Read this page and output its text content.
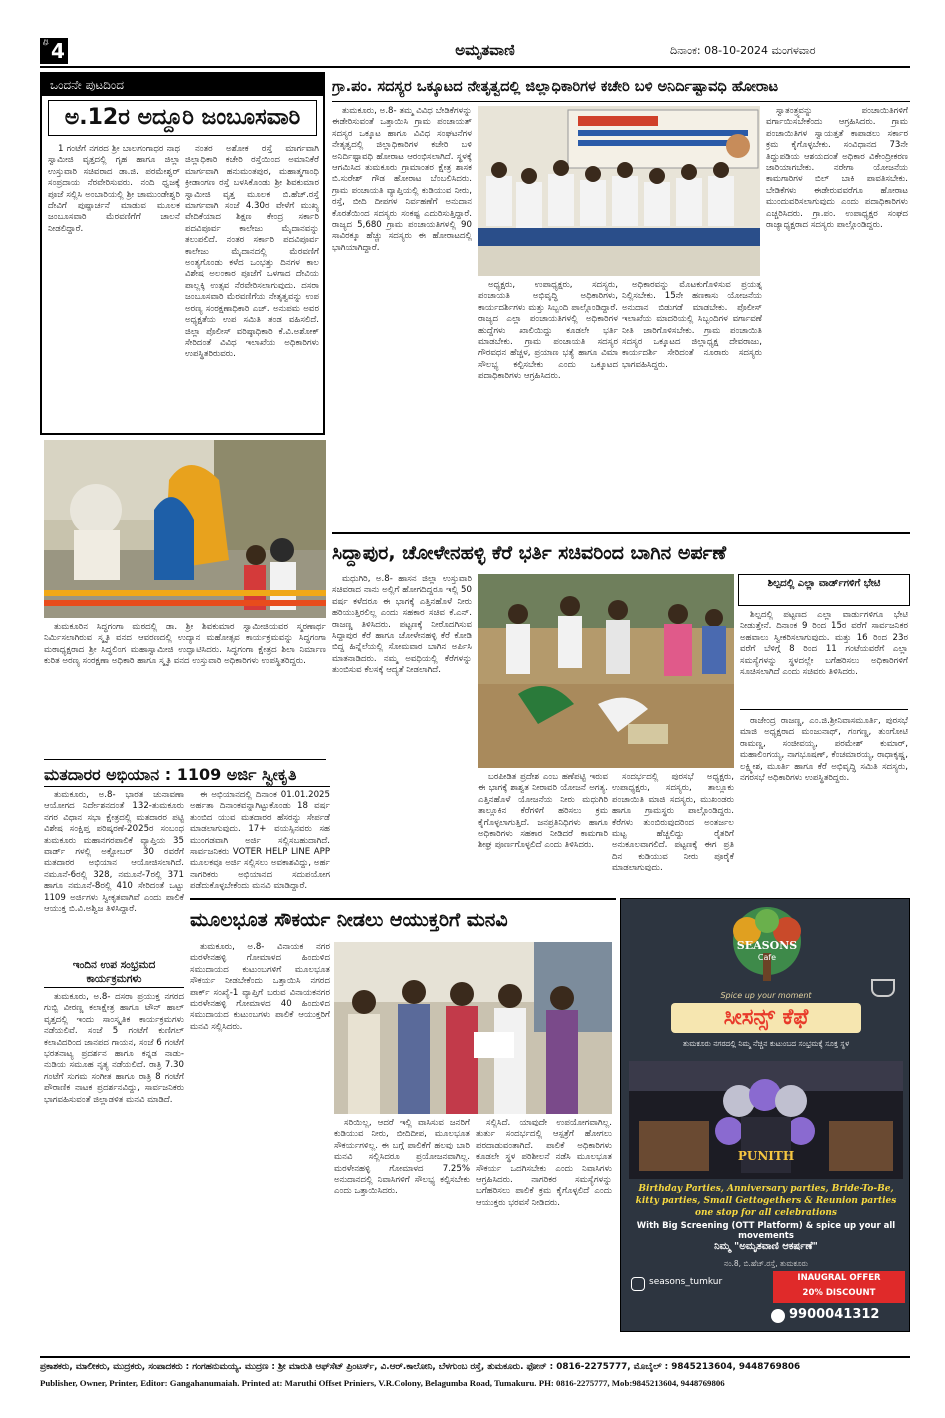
ಪು 4	ಅಮೃತವಾಣಿ	ದಿನಾಂಕ: 08-10-2024 ಮಂಗಳವಾರ
ಒಂದನೇ ಪುಟದಿಂದ
ಅ.12ರ ಅದ್ದೂರಿ ಜಂಬೂಸವಾರಿ

1 ಗಂಟೆಗೆ ನಗರದ ಶ್ರೀ ಬಾಲಗಂಗಾಧರ ನಾಥ ಸ್ವಾಮೀಜಿ ವೃತ್ತದಲ್ಲಿ ಗೃಹ ಹಾಗೂ ಜಿಲ್ಲಾ ಉಸ್ತುವಾರಿ ಸಚಿವರಾದ ಡಾ.ಜಿ. ಪರಮೇಶ್ವರ್ ಸಂಪ್ರದಾಯ ನೆರವೇರಿಸುವರು. ನಂದಿ ಧ್ವಜಕ್ಕೆ ಪೂಜೆ ಸಲ್ಲಿಸಿ ಅಂಬಾರಿಯಲ್ಲಿ ಶ್ರೀ ಚಾಮುಂಡೇಶ್ವರಿ ದೇವಿಗೆ ಪುಷ್ಪಾರ್ಚನೆ ಮಾಡುವ ಮೂಲಕ ಜಂಬೂಸವಾರಿ ಮೆರವಣಿಗೆಗೆ ಚಾಲನೆ ನೀಡಲಿದ್ದಾರೆ.

ನಂತರ ಅಶೋಕ ರಸ್ತೆ ಮಾರ್ಗವಾಗಿ ಜಿಲ್ಲಾಧಿಕಾರಿ ಕಚೇರಿ ರಸ್ತೆಯಿಂದ ಅಮಾನಿಕೆರೆ ಮಾರ್ಗವಾಗಿ ಹನುಮಂತಪುರ, ಮಹಾತ್ಮಗಾಂಧಿ ಕ್ರೀಡಾಂಗಣ ರಸ್ತೆ ಬಳಸಿಕೊಂಡು ಶ್ರೀ ಶಿವಕುಮಾರ ಸ್ವಾಮೀಜಿ ವೃತ್ತ ಮೂಲಕ ಬಿ.ಹೆಚ್.ರಸ್ತೆ ಮಾರ್ಗವಾಗಿ ಸಂಜೆ 4.30ರ ವೇಳೆಗೆ ಮುಖ್ಯ ವೇದಿಕೆಯಾದ ಶಿಕ್ಷಣ ಕೇಂದ್ರ ಸರ್ಕಾರಿ ಪದವಿಪೂರ್ವ ಕಾಲೇಜು ಮೈದಾನವನ್ನು ತಲುಪಲಿದೆ. ನಂತರ ಸರ್ಕಾರಿ ಪದವಿಪೂರ್ವ ಕಾಲೇಜು ಮೈದಾನದಲ್ಲಿ ಮೆರವಣಿಗೆ ಅಂತ್ಯಗೊಂಡು ಕಳೆದ ಒಂಭತ್ತು ದಿನಗಳ ಕಾಲ ವಿಶೇಷ ಅಲಂಕಾರ ಪೂಜೆಗೆ ಒಳಗಾದ ದೇವಿಯ ಪಾಲ್ಲಕ್ಕಿ ಉತ್ಸವ ನೆರವೇರಿಸಲಾಗುವುದು. ದಸರಾ ಜಂಬೂಸವಾರಿ ಮೆರವಣಿಗೆಯ ನೇತೃತ್ವವನ್ನು ಉಪ ಅರಣ್ಯ ಸಂರಕ್ಷಣಾಧಿಕಾರಿ ಎಚ್. ಅನುಪಮ ಅವರ ಅಧ್ಯಕ್ಷತೆಯ ಉಪ ಸಮಿತಿ ತಂಡ ವಹಿಸಲಿದೆ. ಜಿಲ್ಲಾ ಪೊಲೀಸ್ ವರಿಷ್ಠಾಧಿಕಾರಿ ಕೆ.ವಿ.ಅಶೋಕ್ ಸೇರಿದಂತೆ ವಿವಿಧ ಇಲಾಖೆಯ ಅಧಿಕಾರಿಗಳು ಉಪಸ್ಥಿತರಿರುವರು.

ತುಮಕೂರಿನ ಸಿದ್ಧಗಂಗಾ ಮಠದಲ್ಲಿ ಡಾ. ಶ್ರೀ ಶಿವಕುಮಾರ ಸ್ವಾಮೀಜಿಯವರ ಸ್ಮರಣಾರ್ಥ ನಿರ್ಮಿಸಲಾಗಿರುವ ಸ್ಮೃತಿ ವನದ ಆವರಣದಲ್ಲಿ ಉದ್ಯಾನ ಮಹೋತ್ಸವ ಕಾರ್ಯಕ್ರಮವನ್ನು ಸಿದ್ಧಗಂಗಾ ಮಠಾಧ್ಯಕ್ಷರಾದ ಶ್ರೀ ಸಿದ್ಧಲಿಂಗ ಮಹಾಸ್ವಾಮೀಜಿ ಉದ್ಘಾಟಿಸಿದರು. ಸಿದ್ಧಗಂಗಾ ಕ್ಷೇತ್ರದ ಶಿಲಾ ನಿರ್ಮಾಣ ಕುರಿತ ಅರಣ್ಯ ಸಂರಕ್ಷಣಾ ಅಧಿಕಾರಿ ಹಾಗೂ ಸ್ಮೃತಿ ವನದ ಉಸ್ತುವಾರಿ ಅಧಿಕಾರಿಗಳು ಉಪಸ್ಥಿತರಿದ್ದರು.

ಮತದಾರರ ಅಭಿಯಾನ : 1109 ಅರ್ಜಿ ಸ್ವೀಕೃತಿ

ತುಮಕೂರು, ಅ.8- ಭಾರತ ಚುನಾವಣಾ ಆಯೋಗದ ನಿರ್ದೇಶನದಂತೆ 132-ತುಮಕೂರು ನಗರ ವಿಧಾನ ಸಭಾ ಕ್ಷೇತ್ರದಲ್ಲಿ ಮತದಾರರ ಪಟ್ಟಿ ವಿಶೇಷ ಸಂಕ್ಷಿಪ್ತ ಪರಿಷ್ಕರಣೆ-2025ರ ಸಂಬಂಧ ತುಮಕೂರು ಮಹಾನಗರಪಾಲಿಕೆ ವ್ಯಾಪ್ತಿಯ 35 ವಾರ್ಡ್ ಗಳಲ್ಲಿ ಅಕ್ಟೋಬರ್ 30 ರವರೆಗೆ ಮತದಾರರ ಅಭಿಯಾನ ಆಯೋಜಿಸಲಾಗಿದೆ. ನಮೂನೆ-6ರಲ್ಲಿ 328, ನಮೂನೆ-7ರಲ್ಲಿ 371 ಹಾಗೂ ನಮೂನೆ-8ರಲ್ಲಿ 410 ಸೇರಿದಂತೆ ಒಟ್ಟು 1109 ಅರ್ಜಿಗಳು ಸ್ವೀಕೃತವಾಗಿವೆ ಎಂದು ಪಾಲಿಕೆ ಆಯುಕ್ತ ಬಿ.ವಿ.ಅಶ್ವಿಜ ತಿಳಿಸಿದ್ದಾರೆ.

ಈ ಅಭಿಯಾನದಲ್ಲಿ ದಿನಾಂಕ 01.01.2025 ಅರ್ಹತಾ ದಿನಾಂಕವನ್ನಾಗಿಟ್ಟುಕೊಂಡು 18 ವರ್ಷ ತುಂಬಿದ ಯುವ ಮತದಾರರ ಹೆಸರನ್ನು ಸೇರ್ಪಡೆ ಮಾಡಲಾಗುವುದು. 17+ ವಯಸ್ಸಿನವರು ಸಹ ಮುಂಗಡವಾಗಿ ಅರ್ಜಿ ಸಲ್ಲಿಸಬಹುದಾಗಿದೆ. ಸಾರ್ವಜನಿಕರು VOTER HELP LINE APP ಮೂಲಕವೂ ಅರ್ಜಿ ಸಲ್ಲಿಸಲು ಅವಕಾಶವಿದ್ದು, ಅರ್ಹ ನಾಗರಿಕರು ಅಭಿಯಾನದ ಸದುಪಯೋಗ ಪಡೆದುಕೊಳ್ಳಬೇಕೆಂದು ಮನವಿ ಮಾಡಿದ್ದಾರೆ.

ಇಂದಿನ ಉಪ ಸಂಭ್ರಮದ ಕಾರ್ಯಕ್ರಮಗಳು

ತುಮಕೂರು, ಅ.8- ದಸರಾ ಪ್ರಯುಕ್ತ ನಗರದ ಗುಬ್ಬಿ ವೀರಣ್ಣ ಕಲಾಕ್ಷೇತ್ರ ಹಾಗೂ ಟೌನ್ ಹಾಲ್ ವೃತ್ತದಲ್ಲಿ ಇಂದು ಸಾಂಸ್ಕೃತಿಕ ಕಾರ್ಯಕ್ರಮಗಳು ನಡೆಯಲಿವೆ. ಸಂಜೆ 5 ಗಂಟೆಗೆ ಕುಣಿಗಲ್ ಕಲಾವಿದರಿಂದ ಜಾನಪದ ಗಾಯನ, ಸಂಜೆ 6 ಗಂಟೆಗೆ ಭರತನಾಟ್ಯ ಪ್ರದರ್ಶನ ಹಾಗೂ ಕನ್ನಡ ನಾಡು-ನುಡಿಯ ಸಮೂಹ ನೃತ್ಯ ನಡೆಯಲಿದೆ. ರಾತ್ರಿ 7.30 ಗಂಟೆಗೆ ಸುಗಮ ಸಂಗೀತ ಹಾಗೂ ರಾತ್ರಿ 8 ಗಂಟೆಗೆ ಪೌರಾಣಿಕ ನಾಟಕ ಪ್ರದರ್ಶನವಿದ್ದು, ಸಾರ್ವಜನಿಕರು ಭಾಗವಹಿಸುವಂತೆ ಜಿಲ್ಲಾಡಳಿತ ಮನವಿ ಮಾಡಿದೆ.

ಗ್ರಾ.ಪಂ. ಸದಸ್ಯರ ಒಕ್ಕೂಟದ ನೇತೃತ್ವದಲ್ಲಿ ಜಿಲ್ಲಾಧಿಕಾರಿಗಳ ಕಚೇರಿ ಬಳಿ ಅನಿರ್ದಿಷ್ಟಾವಧಿ ಹೋರಾಟ

ತುಮಕೂರು, ಅ.8- ತಮ್ಮ ವಿವಿಧ ಬೇಡಿಕೆಗಳನ್ನು ಈಡೇರಿಸುವಂತೆ ಒತ್ತಾಯಿಸಿ ಗ್ರಾಮ ಪಂಚಾಯತ್ ಸದಸ್ಯರ ಒಕ್ಕೂಟ ಹಾಗೂ ವಿವಿಧ ಸಂಘಟನೆಗಳ ನೇತೃತ್ವದಲ್ಲಿ ಜಿಲ್ಲಾಧಿಕಾರಿಗಳ ಕಚೇರಿ ಬಳಿ ಅನಿರ್ದಿಷ್ಟಾವಧಿ ಹೋರಾಟ ಆರಂಭಿಸಲಾಗಿದೆ. ಸ್ಥಳಕ್ಕೆ ಆಗಮಿಸಿದ ತುಮಕೂರು ಗ್ರಾಮಾಂತರ ಕ್ಷೇತ್ರ ಶಾಸಕ ಬಿ.ಸುರೇಶ್ ಗೌಡ ಹೋರಾಟ ಬೆಂಬಲಿಸಿದರು. ಗ್ರಾಮ ಪಂಚಾಯತಿ ವ್ಯಾಪ್ತಿಯಲ್ಲಿ ಕುಡಿಯುವ ನೀರು, ರಸ್ತೆ, ಬೀದಿ ದೀಪಗಳ ನಿರ್ವಹಣೆಗೆ ಅನುದಾನ ಕೊರತೆಯಿಂದ ಸದಸ್ಯರು ಸಂಕಷ್ಟ ಎದುರಿಸುತ್ತಿದ್ದಾರೆ. ರಾಜ್ಯದ 5,680 ಗ್ರಾಮ ಪಂಚಾಯತಿಗಳಲ್ಲಿ 90 ಸಾವಿರಕ್ಕೂ ಹೆಚ್ಚು ಸದಸ್ಯರು ಈ ಹೋರಾಟದಲ್ಲಿ ಭಾಗಿಯಾಗಿದ್ದಾರೆ.

ಅಧ್ಯಕ್ಷರು, ಉಪಾಧ್ಯಕ್ಷರು, ಸದಸ್ಯರು, ಪಂಚಾಯತಿ ಅಭಿವೃದ್ಧಿ ಅಧಿಕಾರಿಗಳು, ಕಾರ್ಯದರ್ಶಿಗಳು ಮತ್ತು ಸಿಬ್ಬಂದಿ ಪಾಲ್ಗೊಂಡಿದ್ದಾರೆ. ರಾಜ್ಯದ ಎಲ್ಲಾ ಪಂಚಾಯತಿಗಳಲ್ಲಿ ಅಧಿಕಾರಿಗಳ ಹುದ್ದೆಗಳು ಖಾಲಿಯಿದ್ದು ಕೂಡಲೇ ಭರ್ತಿ ಮಾಡಬೇಕು. ಗ್ರಾಮ ಪಂಚಾಯತಿ ಸದಸ್ಯರ ಗೌರವಧನ ಹೆಚ್ಚಳ, ಪ್ರಯಾಣ ಭತ್ಯೆ ಹಾಗೂ ವಿಮಾ ಸೌಲಭ್ಯ ಕಲ್ಪಿಸಬೇಕು ಎಂದು ಒಕ್ಕೂಟದ ಪದಾಧಿಕಾರಿಗಳು ಆಗ್ರಹಿಸಿದರು.

ಅಧಿಕಾರವನ್ನು ಮೊಟಕುಗೊಳಿಸುವ ಪ್ರಯತ್ನ ನಿಲ್ಲಿಸಬೇಕು. 15ನೇ ಹಣಕಾಸು ಯೋಜನೆಯ ಅನುದಾನ ಬಿಡುಗಡೆ ಮಾಡಬೇಕು. ಪೊಲೀಸ್ ಇಲಾಖೆಯ ಮಾದರಿಯಲ್ಲಿ ಸಿಬ್ಬಂದಿಗಳ ವರ್ಗಾವಣೆ ನೀತಿ ಜಾರಿಗೊಳಿಸಬೇಕು. ಗ್ರಾಮ ಪಂಚಾಯಿತಿ ಸದಸ್ಯರ ಒಕ್ಕೂಟದ ಜಿಲ್ಲಾಧ್ಯಕ್ಷ ದೇವರಾಜು, ಕಾರ್ಯದರ್ಶಿ ಸೇರಿದಂತೆ ನೂರಾರು ಸದಸ್ಯರು ಭಾಗವಹಿಸಿದ್ದರು.

ಸ್ವಾತಂತ್ರ್ಯವನ್ನು ಪಂಚಾಯಿತಿಗಳಿಗೆ ವರ್ಗಾಯಿಸಬೇಕೆಂದು ಆಗ್ರಹಿಸಿದರು. ಗ್ರಾಮ ಪಂಚಾಯಿತಿಗಳ ಸ್ವಾಯತ್ತತೆ ಕಾಪಾಡಲು ಸರ್ಕಾರ ಕ್ರಮ ಕೈಗೊಳ್ಳಬೇಕು. ಸಂವಿಧಾನದ 73ನೇ ತಿದ್ದುಪಡಿಯ ಆಶಯದಂತೆ ಅಧಿಕಾರ ವಿಕೇಂದ್ರೀಕರಣ ಜಾರಿಯಾಗಬೇಕು. ನರೇಗಾ ಯೋಜನೆಯ ಕಾಮಗಾರಿಗಳ ಬಿಲ್ ಬಾಕಿ ಪಾವತಿಸಬೇಕು. ಬೇಡಿಕೆಗಳು ಈಡೇರುವವರೆಗೂ ಹೋರಾಟ ಮುಂದುವರಿಸಲಾಗುವುದು ಎಂದು ಪದಾಧಿಕಾರಿಗಳು ಎಚ್ಚರಿಸಿದರು. ಗ್ರಾ.ಪಂ. ಉಪಾಧ್ಯಕ್ಷರ ಸಂಘದ ರಾಜ್ಯಾಧ್ಯಕ್ಷರಾದ ಸದಸ್ಯರು ಪಾಲ್ಗೊಂಡಿದ್ದರು.

ಸಿದ್ದಾಪುರ, ಚೋಳೇನಹಳ್ಳಿ ಕೆರೆ ಭರ್ತಿ ಸಚಿವರಿಂದ ಬಾಗಿನ ಅರ್ಪಣೆ

ಮಧುಗಿರಿ, ಅ.8- ಹಾಸನ ಜಿಲ್ಲಾ ಉಸ್ತುವಾರಿ ಸಚಿವರಾದ ನಾನು ಅಲ್ಲಿಗೆ ಹೋಗದಿದ್ದರೂ ಇಲ್ಲಿ 50 ವರ್ಷ ಕಳೆದರೂ ಈ ಭಾಗಕ್ಕೆ ಎತ್ತಿನಹೊಳೆ ನೀರು ಹರಿಯುತ್ತಿರಲಿಲ್ಲ ಎಂದು ಸಹಕಾರ ಸಚಿವ ಕೆ.ಎನ್. ರಾಜಣ್ಣ ತಿಳಿಸಿದರು. ಪಟ್ಟಣಕ್ಕೆ ನೀರೊದಗಿಸುವ ಸಿದ್ದಾಪುರ ಕೆರೆ ಹಾಗೂ ಚೋಳೇನಹಳ್ಳಿ ಕೆರೆ ಕೋಡಿ ಬಿದ್ದ ಹಿನ್ನೆಲೆಯಲ್ಲಿ ಸೋಮವಾರ ಬಾಗಿನ ಅರ್ಪಿಸಿ ಮಾತನಾಡಿದರು. ನಮ್ಮ ಅವಧಿಯಲ್ಲಿ ಕೆರೆಗಳನ್ನು ತುಂಬಿಸುವ ಕೆಲಸಕ್ಕೆ ಆದ್ಯತೆ ನೀಡಲಾಗಿದೆ.

ಬರಪೀಡಿತ ಪ್ರದೇಶ ಎಂಬ ಹಣೆಪಟ್ಟಿ ಇರುವ ಈ ಭಾಗಕ್ಕೆ ಶಾಶ್ವತ ನೀರಾವರಿ ಯೋಜನೆ ಅಗತ್ಯ. ಎತ್ತಿನಹೊಳೆ ಯೋಜನೆಯ ನೀರು ಮಧುಗಿರಿ ತಾಲ್ಲೂಕಿನ ಕೆರೆಗಳಿಗೆ ಹರಿಸಲು ಕ್ರಮ ಕೈಗೊಳ್ಳಲಾಗುತ್ತಿದೆ. ಜನಪ್ರತಿನಿಧಿಗಳು ಹಾಗೂ ಅಧಿಕಾರಿಗಳು ಸಹಕಾರ ನೀಡಿದರೆ ಕಾಮಗಾರಿ ಶೀಘ್ರ ಪೂರ್ಣಗೊಳ್ಳಲಿದೆ ಎಂದು ತಿಳಿಸಿದರು.

ಸಂದರ್ಭದಲ್ಲಿ ಪುರಸಭೆ ಅಧ್ಯಕ್ಷರು, ಉಪಾಧ್ಯಕ್ಷರು, ಸದಸ್ಯರು, ತಾಲ್ಲೂಕು ಪಂಚಾಯಿತಿ ಮಾಜಿ ಸದಸ್ಯರು, ಮುಖಂಡರು ಹಾಗೂ ಗ್ರಾಮಸ್ಥರು ಪಾಲ್ಗೊಂಡಿದ್ದರು. ಕೆರೆಗಳು ತುಂಬಿರುವುದರಿಂದ ಅಂತರ್ಜಲ ಮಟ್ಟ ಹೆಚ್ಚಲಿದ್ದು ರೈತರಿಗೆ ಅನುಕೂಲವಾಗಲಿದೆ. ಪಟ್ಟಣಕ್ಕೆ ಈಗ ಪ್ರತಿ ದಿನ ಕುಡಿಯುವ ನೀರು ಪೂರೈಕೆ ಮಾಡಲಾಗುವುದು.

ಶಿಲ್ಪದಲ್ಲಿ ಎಲ್ಲಾ ವಾರ್ಡ್‌ಗಳಿಗೆ ಭೇಟಿ

ಶಿಲ್ಪದಲ್ಲಿ ಪಟ್ಟಣದ ಎಲ್ಲಾ ವಾರ್ಡುಗಳಿಗೂ ಭೇಟಿ ನೀಡುತ್ತೇನೆ. ದಿನಾಂಕ 9 ರಿಂದ 15ರ ವರೆಗೆ ಸಾರ್ವಜನಿಕರ ಅಹವಾಲು ಸ್ವೀಕರಿಸಲಾಗುವುದು. ಮತ್ತು 16 ರಿಂದ 23ರ ವರೆಗೆ ಬೆಳಿಗ್ಗೆ 8 ರಿಂದ 11 ಗಂಟೆಯವರೆಗೆ ಎಲ್ಲಾ ಸಮಸ್ಯೆಗಳನ್ನು ಸ್ಥಳದಲ್ಲೇ ಬಗೆಹರಿಸಲು ಅಧಿಕಾರಿಗಳಿಗೆ ಸೂಚಿಸಲಾಗಿದೆ ಎಂದು ಸಚಿವರು ತಿಳಿಸಿದರು.

ರಾಜೇಂದ್ರ ರಾಜಣ್ಣ, ಎಂ.ಜಿ.ಶ್ರೀನಿವಾಸಮೂರ್ತಿ, ಪುರಸಭೆ ಮಾಜಿ ಅಧ್ಯಕ್ಷರಾದ ಮಂಜುನಾಥ್, ಗಂಗಣ್ಣ, ತುಂಗೋಟಿ ರಾಮಣ್ಣ, ಸಂಜೀವಯ್ಯ, ಪರಮೇಶ್ ಕುಮಾರ್, ಮಹಾಲಿಂಗಯ್ಯ, ನಾಗಭೂಷಣ್, ಕೆಂಚಮಾರಯ್ಯ, ರಾಧಾಕೃಷ್ಣ, ಲಕ್ಷ್ಮೀಶ, ಮೂರ್ತಿ ಹಾಗೂ ಕೆರೆ ಅಭಿವೃದ್ಧಿ ಸಮಿತಿ ಸದಸ್ಯರು, ನಗರಸಭೆ ಅಧಿಕಾರಿಗಳು ಉಪಸ್ಥಿತರಿದ್ದರು.

ಮೂಲಭೂತ ಸೌಕರ್ಯ ನೀಡಲು ಆಯುಕ್ತರಿಗೆ ಮನವಿ

ತುಮಕೂರು, ಅ.8- ವಿನಾಯಕ ನಗರ ಮರಳೇನಹಳ್ಳಿ ಗೋಮಾಳದ ಹಿಂದುಳಿದ ಸಮುದಾಯದ ಕುಟುಂಬಗಳಿಗೆ ಮೂಲಭೂತ ಸೌಕರ್ಯ ನೀಡಬೇಕೆಂದು ಒತ್ತಾಯಿಸಿ ನಗರದ ಪಾರ್ಕ್ ಸಂಖ್ಯೆ-1 ವ್ಯಾಪ್ತಿಗೆ ಬರುವ ವಿನಾಯಕನಗರ ಮರಳೇನಹಳ್ಳಿ ಗೋಮಾಳದ 40 ಹಿಂದುಳಿದ ಸಮುದಾಯದ ಕುಟುಂಬಗಳು ಪಾಲಿಕೆ ಆಯುಕ್ತರಿಗೆ ಮನವಿ ಸಲ್ಲಿಸಿದರು.

ಸರಿಯಿಲ್ಲ, ಆದರೆ ಇಲ್ಲಿ ವಾಸಿಸುವ ಜನರಿಗೆ ಕುಡಿಯುವ ನೀರು, ಬೀದಿದೀಪ, ಮೂಲಭೂತ ಸೌಕರ್ಯಗಳಿಲ್ಲ. ಈ ಬಗ್ಗೆ ಪಾಲಿಕೆಗೆ ಹಲವು ಬಾರಿ ಮನವಿ ಸಲ್ಲಿಸಿದರೂ ಪ್ರಯೋಜನವಾಗಿಲ್ಲ. ಮರಳೇನಹಳ್ಳಿ ಗೋಮಾಳದ 7.25% ಅನುದಾನದಲ್ಲಿ ನಿವಾಸಿಗಳಿಗೆ ಸೌಲಭ್ಯ ಕಲ್ಪಿಸಬೇಕು ಎಂದು ಒತ್ತಾಯಿಸಿದರು.

ಸಲ್ಲಿಸಿದೆ. ಯಾವುದೇ ಉಪಯೋಗವಾಗಿಲ್ಲ. ತುರ್ತು ಸಂದರ್ಭದಲ್ಲಿ ಆಸ್ಪತ್ರೆಗೆ ಹೋಗಲು ಪರದಾಡುವಂತಾಗಿದೆ. ಪಾಲಿಕೆ ಅಧಿಕಾರಿಗಳು ಕೂಡಲೇ ಸ್ಥಳ ಪರಿಶೀಲನೆ ನಡೆಸಿ ಮೂಲಭೂತ ಸೌಕರ್ಯ ಒದಗಿಸಬೇಕು ಎಂದು ನಿವಾಸಿಗಳು ಆಗ್ರಹಿಸಿದರು. ನಾಗರಿಕರ ಸಮಸ್ಯೆಗಳನ್ನು ಬಗೆಹರಿಸಲು ಪಾಲಿಕೆ ಕ್ರಮ ಕೈಗೊಳ್ಳಲಿದೆ ಎಂದು ಆಯುಕ್ತರು ಭರವಸೆ ನೀಡಿದರು.

SEASONS
Cafe
Spice up your moment
ಸೀಸನ್ಸ್ ಕೆಫೆ
ತುಮಕೂರು ನಗರದಲ್ಲಿ ನಿಮ್ಮ ನೆಚ್ಚಿನ ಕುಟುಂಬದ ಸಂಭ್ರಮಕ್ಕೆ ಸೂಕ್ತ ಸ್ಥಳ
PUNITH
Birthday Parties, Anniversary parties, Bride-To-Be, kitty parties, Small Gettogethers & Reunion parties one stop for all celebrations
With Big Screening (OTT Platform) & spice up your all movements
ನಿಮ್ಮ "ಅಮೃತವಾಣಿ ಆಕರ್ಷಣೆ"
ನಂ.8, ಬಿ.ಹೆಚ್.ರಸ್ತೆ, ತುಮಕೂರು
seasons_tumkur	INAUGRAL OFFER
20% DISCOUNT
9900041312
ಪ್ರಕಾಶಕರು, ಮಾಲೀಕರು, ಮುದ್ರಕರು, ಸಂಪಾದಕರು : ಗಂಗಹನುಮಯ್ಯ. ಮುದ್ರಣ : ಶ್ರೀ ಮಾರುತಿ ಆಫ್‌ಸೆಟ್ ಪ್ರಿಂಟರ್ಸ್, ವಿ.ಆರ್.ಕಾಲೋನಿ, ಬೆಳಗುಂಬ ರಸ್ತೆ, ತುಮಕೂರು. ಫೋನ್ : 0816-2275777, ಮೊಬೈಲ್ : 9845213604, 9448769806
Publisher, Owner, Printer, Editor: Gangahanumaiah. Printed at: Maruthi Offset Priniers, V.R.Colony, Belagumba Road, Tumakuru. PH: 0816-2275777, Mob:9845213604, 9448769806
